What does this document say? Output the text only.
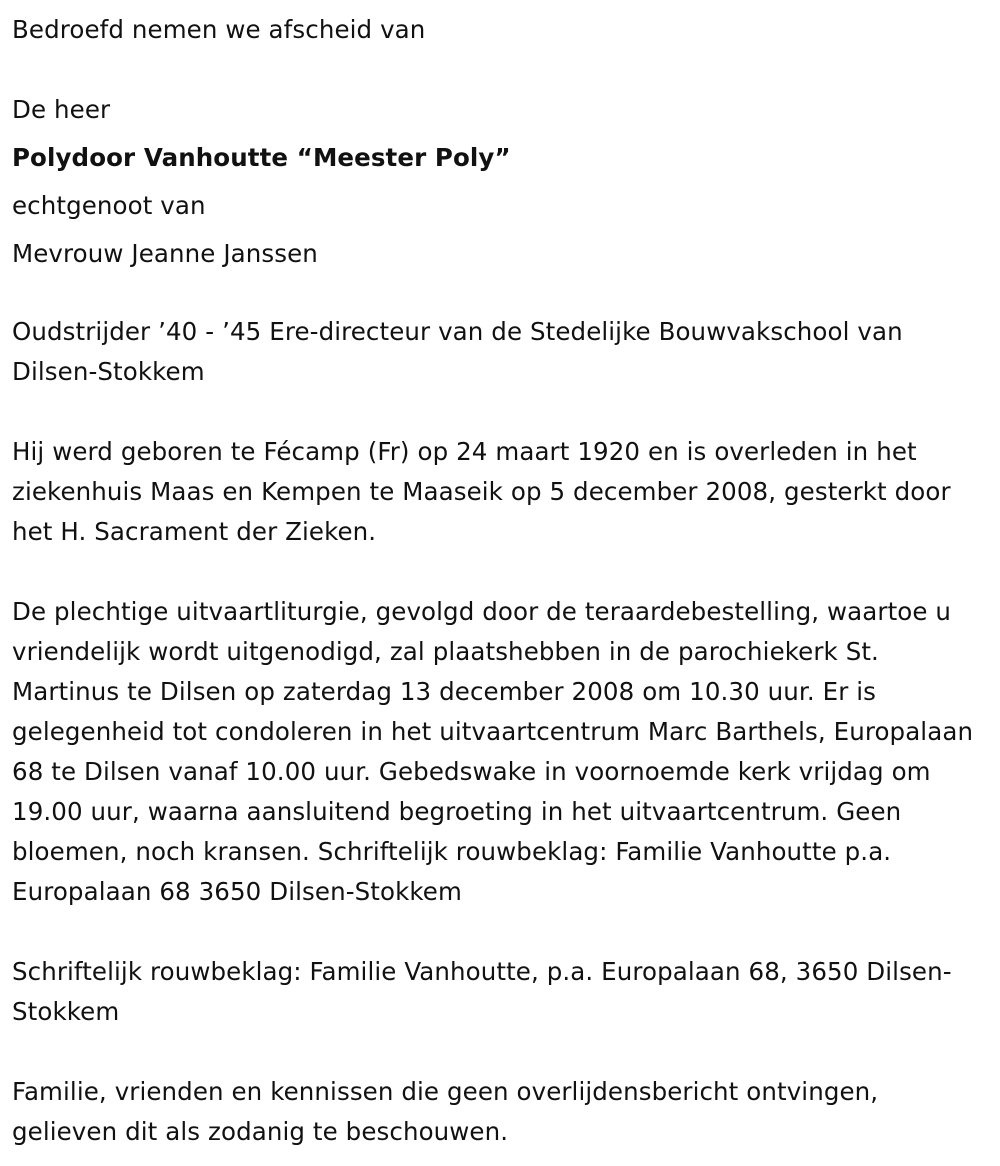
Bedroefd nemen we afscheid van

De heer

Polydoor Vanhoutte “Meester Poly”

echtgenoot van

Mevrouw Jeanne Janssen

Oudstrijder ’40 - ’45 Ere-directeur van de Stedelijke Bouwvakschool van Dilsen-Stokkem

Hij werd geboren te Fécamp (Fr) op 24 maart 1920 en is overleden in het ziekenhuis Maas en Kempen te Maaseik op 5 december 2008, gesterkt door het H. Sacrament der Zieken.

De plechtige uitvaartliturgie, gevolgd door de teraardebestelling, waartoe u vriendelijk wordt uitgenodigd, zal plaatshebben in de parochiekerk St. Martinus te Dilsen op zaterdag 13 december 2008 om 10.30 uur. Er is gelegenheid tot condoleren in het uitvaartcentrum Marc Barthels, Europalaan 68 te Dilsen vanaf 10.00 uur. Gebedswake in voornoemde kerk vrijdag om 19.00 uur, waarna aansluitend begroeting in het uitvaartcentrum. Geen bloemen, noch kransen. Schriftelijk rouwbeklag: Familie Vanhoutte p.a. Europalaan 68 3650 Dilsen-Stokkem

Schriftelijk rouwbeklag: Familie Vanhoutte, p.a. Europalaan 68, 3650 Dilsen-Stokkem

Familie, vrienden en kennissen die geen overlijdensbericht ontvingen, gelieven dit als zodanig te beschouwen.
